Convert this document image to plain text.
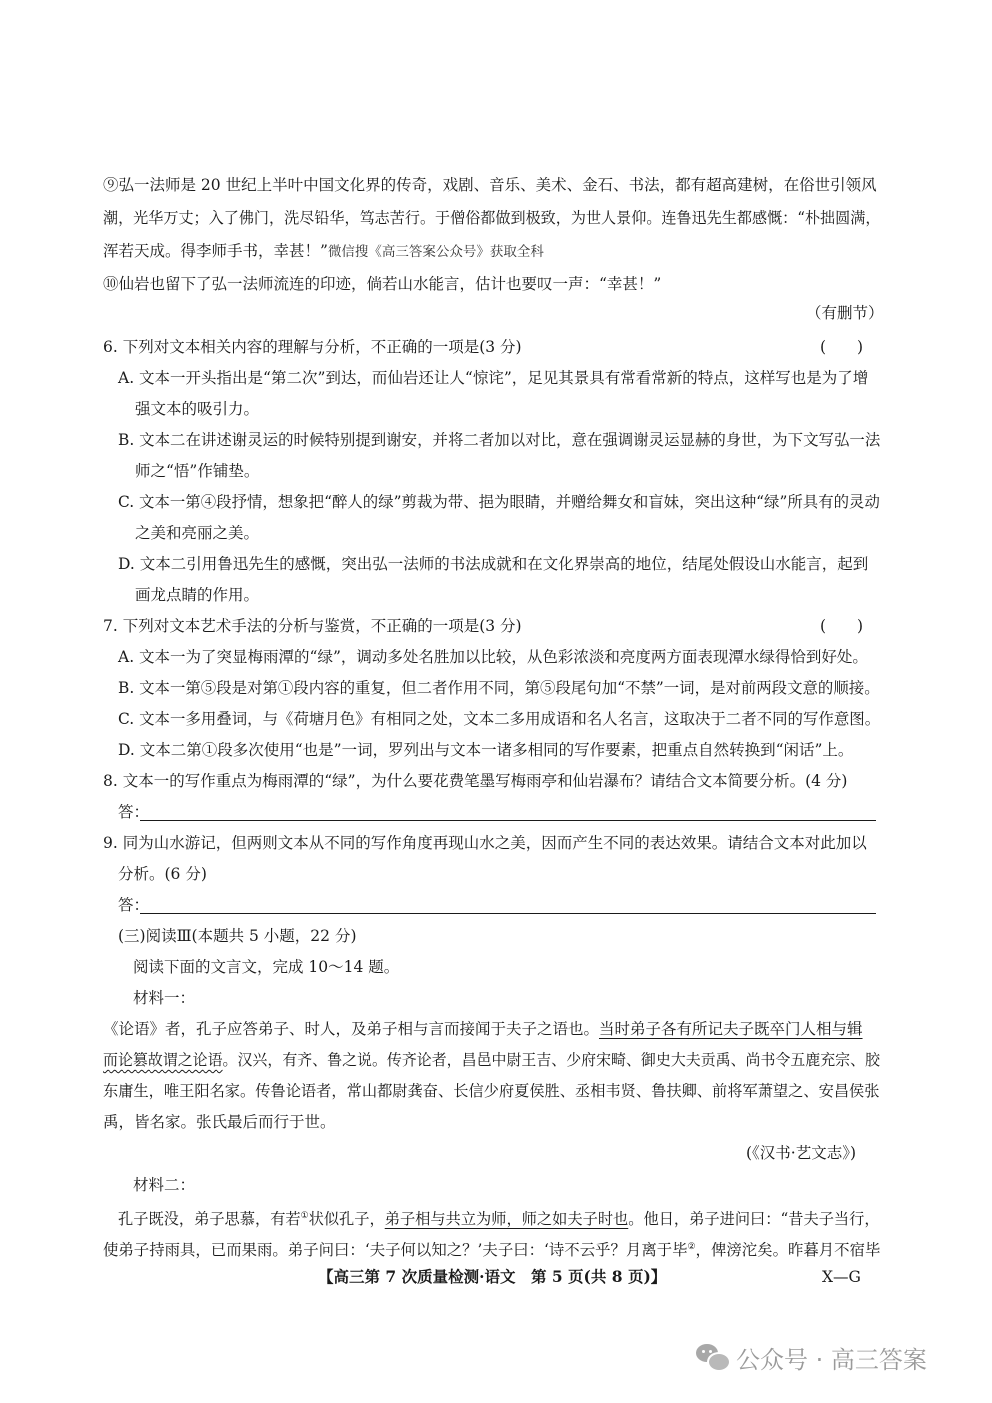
⑨弘一法师是 20 世纪上半叶中国文化界的传奇，戏剧、音乐、美术、金石、书法，都有超高建树，在俗世引领风
潮，光华万丈；入了佛门，洗尽铅华，笃志苦行。于僧俗都做到极致，为世人景仰。连鲁迅先生都感慨：“朴拙圆满，
浑若天成。得李师手书，幸甚！”微信搜《高三答案公众号》获取全科
⑩仙岩也留下了弘一法师流连的印迹，倘若山水能言，估计也要叹一声：“幸甚！”
（有删节）
6. 下列对文本相关内容的理解与分析，不正确的一项是(3 分)	(　　)
A. 文本一开头指出是“第二次”到达，而仙岩还让人“惊诧”，足见其景具有常看常新的特点，这样写也是为了增
强文本的吸引力。
B. 文本二在讲述谢灵运的时候特别提到谢安，并将二者加以对比，意在强调谢灵运显赫的身世，为下文写弘一法
师之“悟”作铺垫。
C. 文本一第④段抒情，想象把“醉人的绿”剪裁为带、挹为眼睛，并赠给舞女和盲妹，突出这种“绿”所具有的灵动
之美和亮丽之美。
D. 文本二引用鲁迅先生的感慨，突出弘一法师的书法成就和在文化界崇高的地位，结尾处假设山水能言，起到
画龙点睛的作用。
7. 下列对文本艺术手法的分析与鉴赏，不正确的一项是(3 分)	(　　)
A. 文本一为了突显梅雨潭的“绿”，调动多处名胜加以比较，从色彩浓淡和亮度两方面表现潭水绿得恰到好处。
B. 文本一第⑤段是对第①段内容的重复，但二者作用不同，第⑤段尾句加“不禁”一词，是对前两段文意的顺接。
C. 文本一多用叠词，与《荷塘月色》有相同之处，文本二多用成语和名人名言，这取决于二者不同的写作意图。
D. 文本二第①段多次使用“也是”一词，罗列出与文本一诸多相同的写作要素，把重点自然转换到“闲话”上。
8. 文本一的写作重点为梅雨潭的“绿”，为什么要花费笔墨写梅雨亭和仙岩瀑布？请结合文本简要分析。(4 分)
答：
9. 同为山水游记，但两则文本从不同的写作角度再现山水之美，因而产生不同的表达效果。请结合文本对此加以
分析。(6 分)
答：
(三)阅读Ⅲ(本题共 5 小题，22 分)
阅读下面的文言文，完成 10～14 题。
材料一：
《论语》者，孔子应答弟子、时人，及弟子相与言而接闻于夫子之语也。当时弟子各有所记夫子既卒门人相与辑
而论篡故谓之论语。汉兴，有齐、鲁之说。传齐论者，昌邑中尉王吉、少府宋畸、御史大夫贡禹、尚书令五鹿充宗、胶
东庸生，唯王阳名家。传鲁论语者，常山都尉龚奋、长信少府夏侯胜、丞相韦贤、鲁扶卿、前将军萧望之、安昌侯张
禹，皆名家。张氏最后而行于世。
(《汉书·艺文志》)
材料二：
孔子既没，弟子思慕，有若①状似孔子，弟子相与共立为师，师之如夫子时也。他日，弟子进问曰：“昔夫子当行，
使弟子持雨具，已而果雨。弟子问曰：‘夫子何以知之？’夫子曰：‘诗不云乎？月离于毕②，俾滂沱矣。昨暮月不宿毕
【高三第 7 次质量检测·语文　第 5 页(共 8 页)】	X—G
公众号 · 高三答案
